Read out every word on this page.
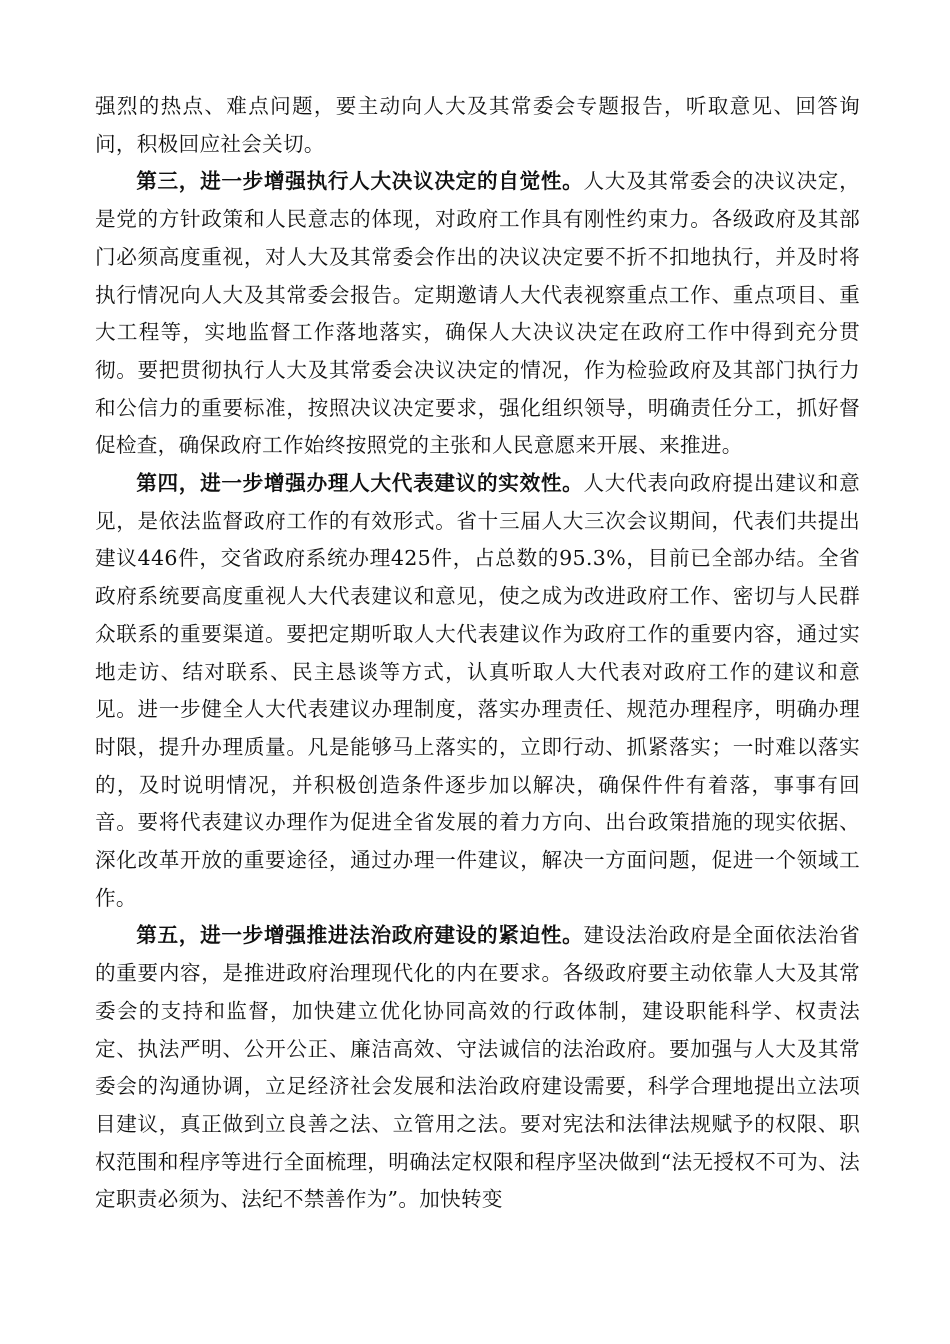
强烈的热点、难点问题，要主动向人大及其常委会专题报告，听取意见、回答询问，积极回应社会关切。

第三，进一步增强执行人大决议决定的自觉性。人大及其常委会的决议决定，是党的方针政策和人民意志的体现，对政府工作具有刚性约束力。各级政府及其部门必须高度重视，对人大及其常委会作出的决议决定要不折不扣地执行，并及时将执行情况向人大及其常委会报告。定期邀请人大代表视察重点工作、重点项目、重大工程等，实地监督工作落地落实，确保人大决议决定在政府工作中得到充分贯彻。要把贯彻执行人大及其常委会决议决定的情况，作为检验政府及其部门执行力和公信力的重要标准，按照决议决定要求，强化组织领导，明确责任分工，抓好督促检查，确保政府工作始终按照党的主张和人民意愿来开展、来推进。

第四，进一步增强办理人大代表建议的实效性。人大代表向政府提出建议和意见，是依法监督政府工作的有效形式。省十三届人大三次会议期间，代表们共提出建议446件，交省政府系统办理425件，占总数的95.3%，目前已全部办结。全省政府系统要高度重视人大代表建议和意见，使之成为改进政府工作、密切与人民群众联系的重要渠道。要把定期听取人大代表建议作为政府工作的重要内容，通过实地走访、结对联系、民主恳谈等方式，认真听取人大代表对政府工作的建议和意见。进一步健全人大代表建议办理制度，落实办理责任、规范办理程序，明确办理时限，提升办理质量。凡是能够马上落实的，立即行动、抓紧落实；一时难以落实的，及时说明情况，并积极创造条件逐步加以解决，确保件件有着落，事事有回音。要将代表建议办理作为促进全省发展的着力方向、出台政策措施的现实依据、深化改革开放的重要途径，通过办理一件建议，解决一方面问题，促进一个领域工作。

第五，进一步增强推进法治政府建设的紧迫性。建设法治政府是全面依法治省的重要内容，是推进政府治理现代化的内在要求。各级政府要主动依靠人大及其常委会的支持和监督，加快建立优化协同高效的行政体制，建设职能科学、权责法定、执法严明、公开公正、廉洁高效、守法诚信的法治政府。要加强与人大及其常委会的沟通协调，立足经济社会发展和法治政府建设需要，科学合理地提出立法项目建议，真正做到立良善之法、立管用之法。要对宪法和法律法规赋予的权限、职权范围和程序等进行全面梳理，明确法定权限和程序坚决做到“法无授权不可为、法定职责必须为、法纪不禁善作为”。加快转变
